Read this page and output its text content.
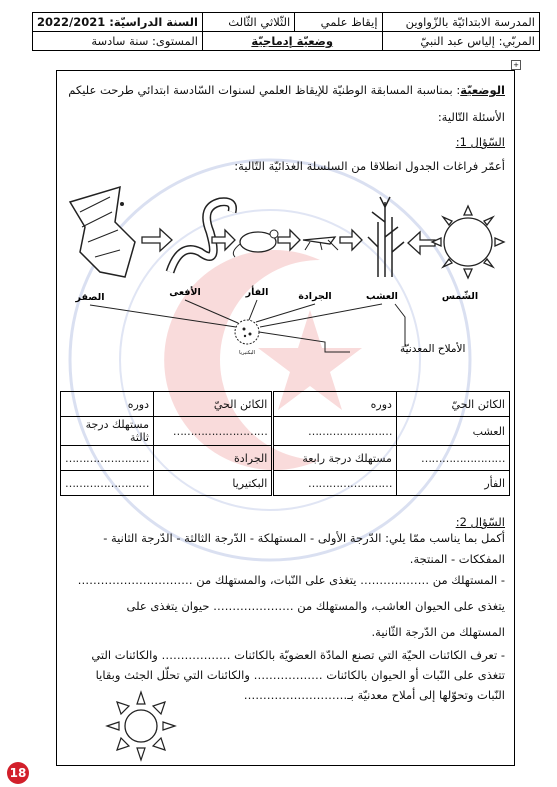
المدرسة الابتدائيّة بالزّواوين	إيقاظ علمي	الثّلاثي الثّالث	السنة الدراسيّة: 2022/2021
المربّي: إلياس عبد النبيّ	وضعيّة إدماجيّة		المستوى: سنة سادسة
+
الوضعيّة: بمناسبة المسابقة الوطنيّة للإيقاظ العلمي لسنوات السّادسة ابتدائي طرحت عليكم
الأسئلة التّالية:
السّؤال 1:
أعمّر فراغات الجدول انطلاقا من السلسلة الغذائيّة التّالية:
الصقر	الأفعى	الفأر	الجرادة	العشب	الشّمس
البكتيريا	الأملاح المعدنيّة
الكائن الحيّ	دوره	الكائن الحيّ	دوره
العشب	……………………	………………………	مستهلك درجة ثالثة
……………………	مستهلك درجة رابعة	الجرادة	……………………
الفأر	……………………	البكتيريا	……………………
السّؤال 2:
أكمل بما يناسب ممّا يلي: الدّرجة الأولى - المستهلكة - الدّرجة الثالثة - الدّرجة الثانية -
المفككات - المنتجة.
- المستهلك من ……………… يتغذى على النّبات، والمستهلك من …………………………
يتغذى على الحيوان العاشب، والمستهلك من ………………… حيوان يتغذى على
المستهلك من الدّرجة الثّانية.
- تعرف الكائنات الحيّة التي تصنع المادّة العضويّة بالكائنات ……………… والكائنات التي
تتغذى على النّبات أو الحيوان بالكائنات ……………… والكائنات التي تحلّل الجثث وبقايا
النّبات وتحوّلها إلى أملاح معدنيّة بـ………………………
18
